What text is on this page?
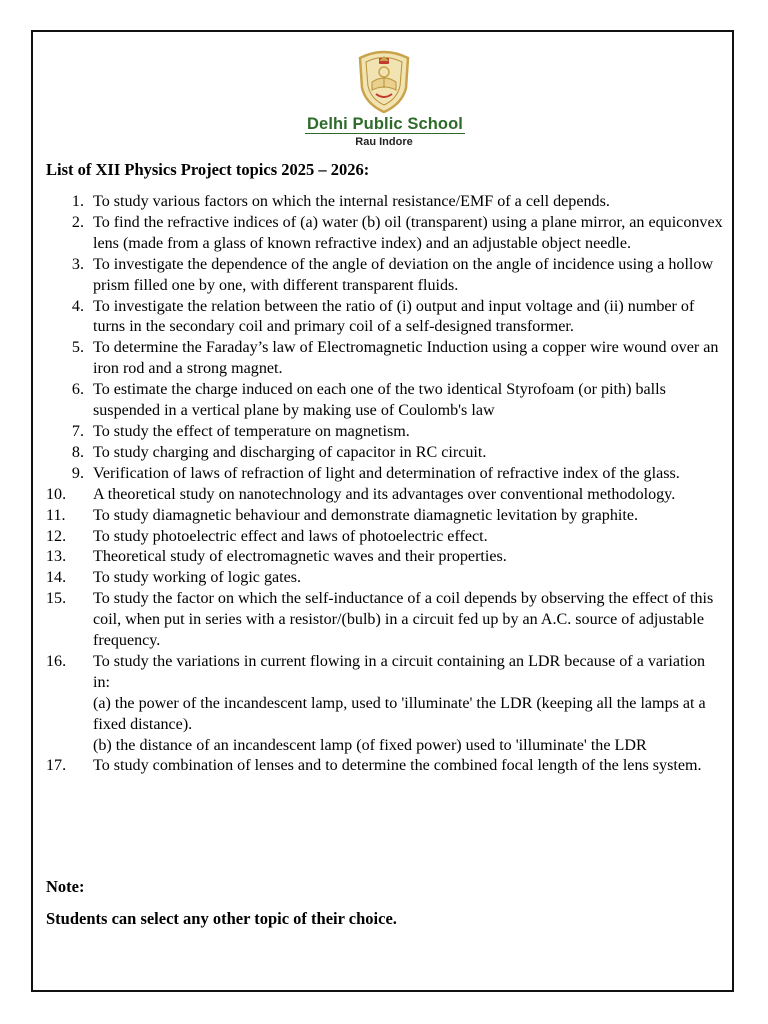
Delhi Public School
Rau Indore
List of XII Physics Project topics 2025 – 2026:
1. To study various factors on which the internal resistance/EMF of a cell depends.
2. To find the refractive indices of (a) water (b) oil (transparent) using a plane mirror, an equiconvex lens (made from a glass of known refractive index) and an adjustable object needle.
3. To investigate the dependence of the angle of deviation on the angle of incidence using a hollow prism filled one by one, with different transparent fluids.
4. To investigate the relation between the ratio of (i) output and input voltage and (ii) number of turns in the secondary coil and primary coil of a self-designed transformer.
5. To determine the Faraday’s law of Electromagnetic Induction using a copper wire wound over an iron rod and a strong magnet.
6. To estimate the charge induced on each one of the two identical Styrofoam (or pith) balls suspended in a vertical plane by making use of Coulomb's law
7. To study the effect of temperature on magnetism.
8. To study charging and discharging of capacitor in RC circuit.
9. Verification of laws of refraction of light and determination of refractive index of the glass.
10.	A theoretical study on nanotechnology and its advantages over conventional methodology.
11.	To study diamagnetic behaviour and demonstrate diamagnetic levitation by graphite.
12.	To study photoelectric effect and laws of photoelectric effect.
13.	Theoretical study of electromagnetic waves and their properties.
14.	To study working of logic gates.
15.	To study the factor on which the self-inductance of a coil depends by observing the effect of this coil, when put in series with a resistor/(bulb) in a circuit fed up by an A.C. source of adjustable frequency.
16.	To study the variations in current flowing in a circuit containing an LDR because of a variation in:
(a) the power of the incandescent lamp, used to 'illuminate' the LDR (keeping all the lamps at a fixed distance).
(b) the distance of an incandescent lamp (of fixed power) used to 'illuminate' the LDR
17.	To study combination of lenses and to determine the combined focal length of the lens system.
Note:
Students can select any other topic of their choice.
